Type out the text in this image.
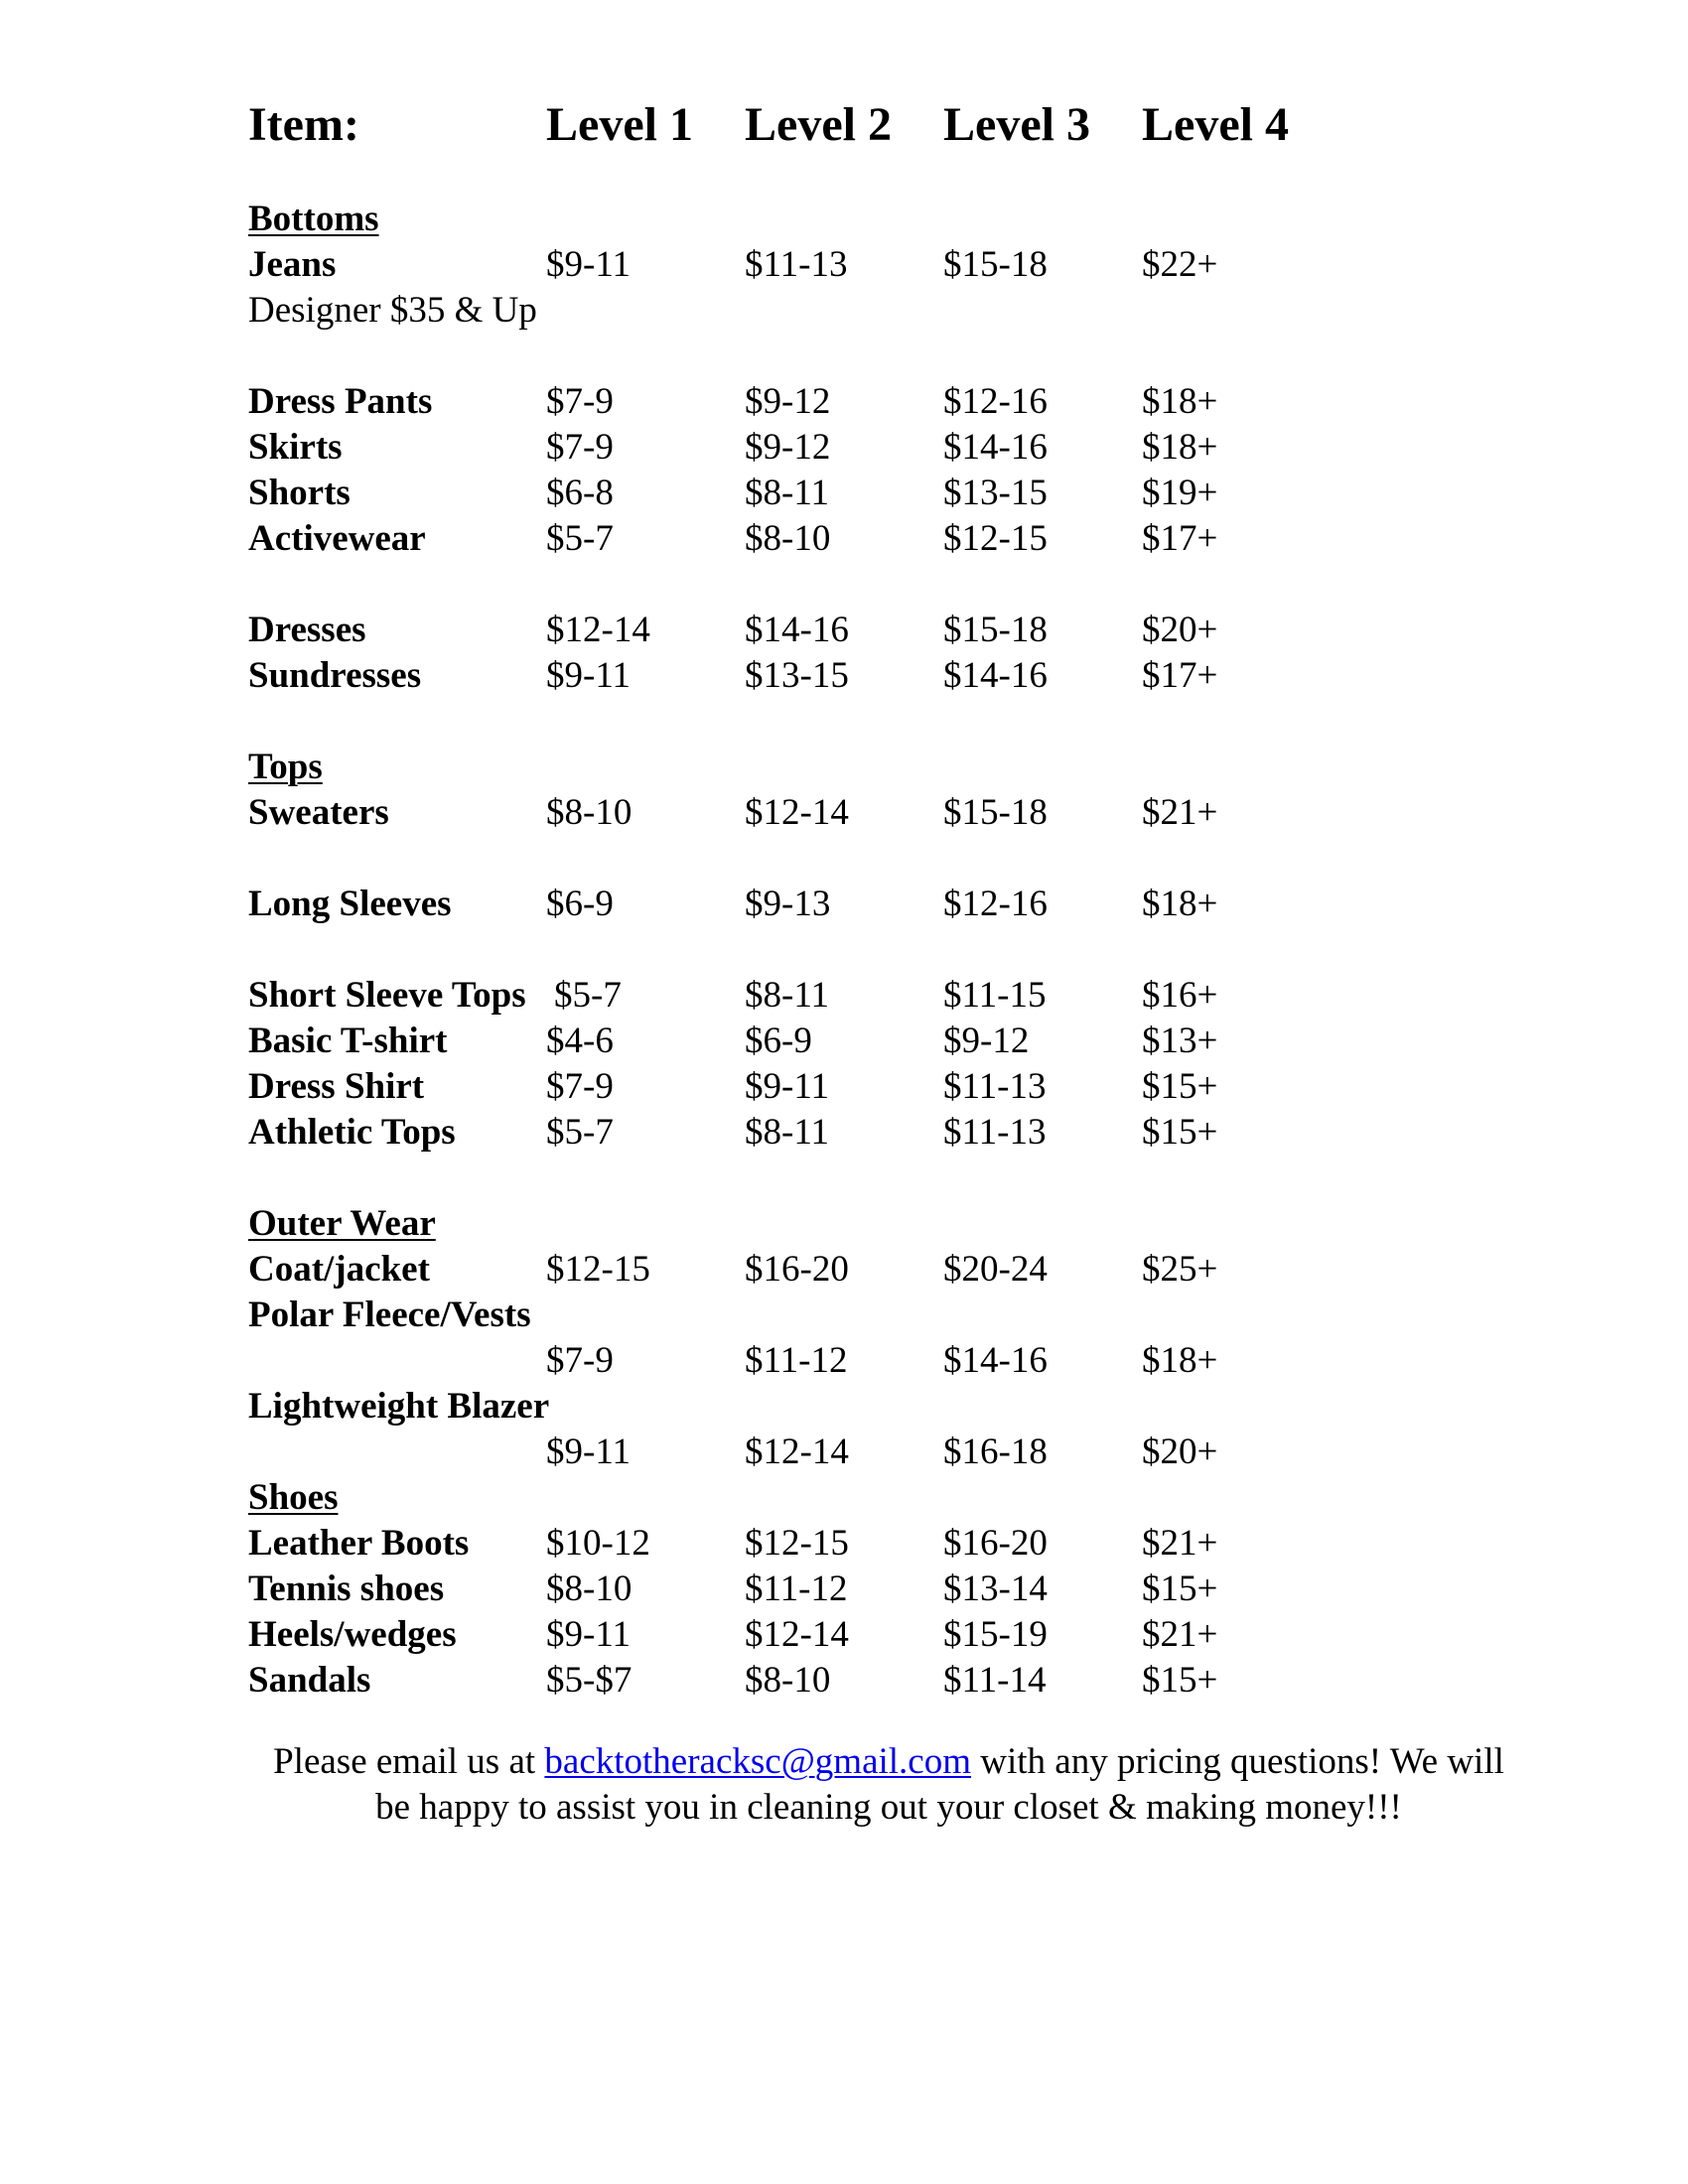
Item:	Level 1 Level 2 Level 3 Level 4
Bottoms
Jeans	$9-11	$11-13	$15-18	$22+
Designer $35 & Up
Dress Pants	$7-9	$9-12	$12-16	$18+
Skirts	$7-9	$9-12	$14-16	$18+
Shorts	$6-8	$8-11	$13-15	$19+
Activewear	$5-7	$8-10	$12-15	$17+
Dresses	$12-14	$14-16	$15-18	$20+
Sundresses	$9-11	$13-15	$14-16	$17+
Tops
Sweaters	$8-10	$12-14	$15-18	$21+
Long Sleeves	$6-9	$9-13	$12-16	$18+
Short Sleeve Tops $5-7	$8-11	$11-15	$16+
Basic T-shirt	$4-6	$6-9	$9-12	$13+
Dress Shirt	$7-9	$9-11	$11-13	$15+
Athletic Tops $5-7	$8-11	$11-13	$15+
Outer Wear
Coat/jacket	$12-15	$16-20	$20-24	$25+
Polar Fleece/Vests
$7-9	$11-12	$14-16	$18+
Lightweight Blazer
$9-11	$12-14	$16-18	$20+
Shoes
Leather Boots $10-12	$12-15	$16-20	$21+
Tennis shoes	$8-10	$11-12	$13-14	$15+
Heels/wedges $9-11	$12-14	$15-19	$21+
Sandals	$5-$7	$8-10	$11-14	$15+
Please email us at backtotheracksc@gmail.com with any pricing questions! We will be happy to assist you in cleaning out your closet & making money!!!
